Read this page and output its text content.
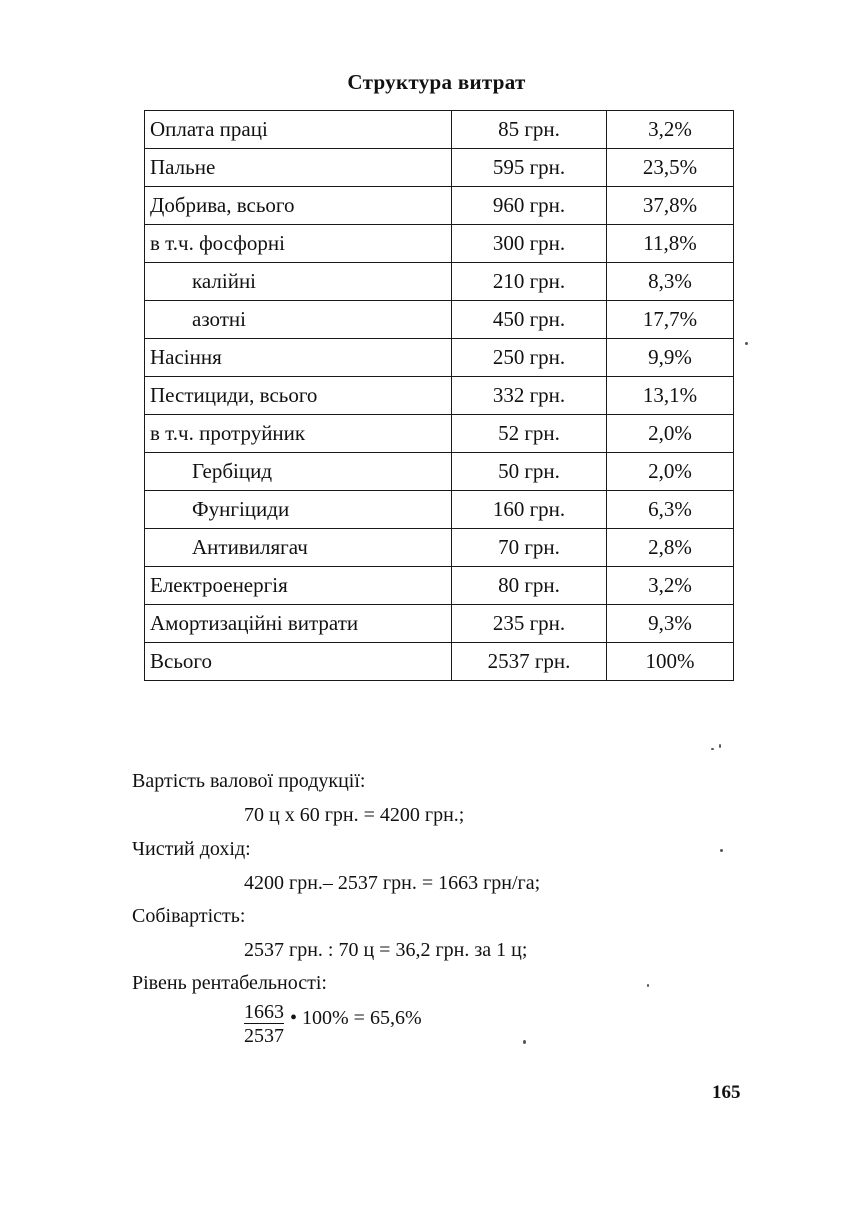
Структура витрат
Оплата праці	85 грн.	3,2%
Пальне	595 грн.	23,5%
Добрива, всього	960 грн.	37,8%
в т.ч. фосфорні	300 грн.	11,8%
калійні	210 грн.	8,3%
азотні	450 грн.	17,7%
Насіння	250 грн.	9,9%
Пестициди, всього	332 грн.	13,1%
в т.ч. протруйник	52 грн.	2,0%
Гербіцид	50 грн.	2,0%
Фунгіциди	160 грн.	6,3%
Антивилягач	70 грн.	2,8%
Електроенергія	80 грн.	3,2%
Амортизаційні витрати	235 грн.	9,3%
Всього	2537 грн.	100%
Вартість валової продукції:
70 ц х 60 грн. = 4200 грн.;
Чистий дохід:
4200 грн.– 2537 грн. = 1663 грн/га;
Собівартість:
2537 грн. : 70 ц = 36,2 грн. за 1 ц;
Рівень рентабельності:
1663
2537
• 100% = 65,6%
165
